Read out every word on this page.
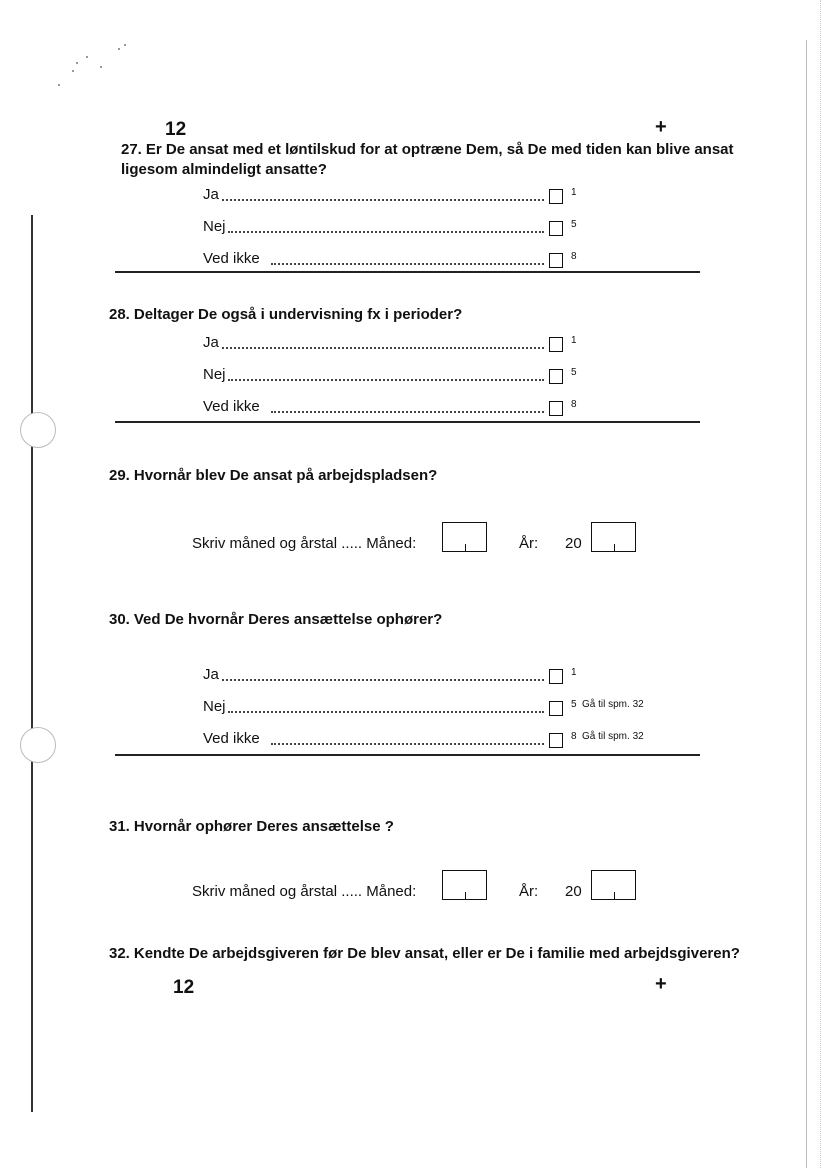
12	+
27. Er De ansat med et løntilskud for at optræne Dem, så De med tiden kan blive ansat ligesom almindeligt ansatte?
Ja	1
Nej	5
Ved ikke	8
28. Deltager De også i undervisning fx i perioder?
Ja	1
Nej	5
Ved ikke	8
29. Hvornår blev De ansat på arbejdspladsen?
Skriv måned og årstal ..... Måned:	År: 20
30. Ved De hvornår Deres ansættelse ophører?
Ja	1
Nej	5 Gå til spm. 32
Ved ikke	8 Gå til spm. 32
31. Hvornår ophører Deres ansættelse ?
Skriv måned og årstal ..... Måned:	År: 20
32. Kendte De arbejdsgiveren før De blev ansat, eller er De i familie med arbejdsgiveren?
12	+
